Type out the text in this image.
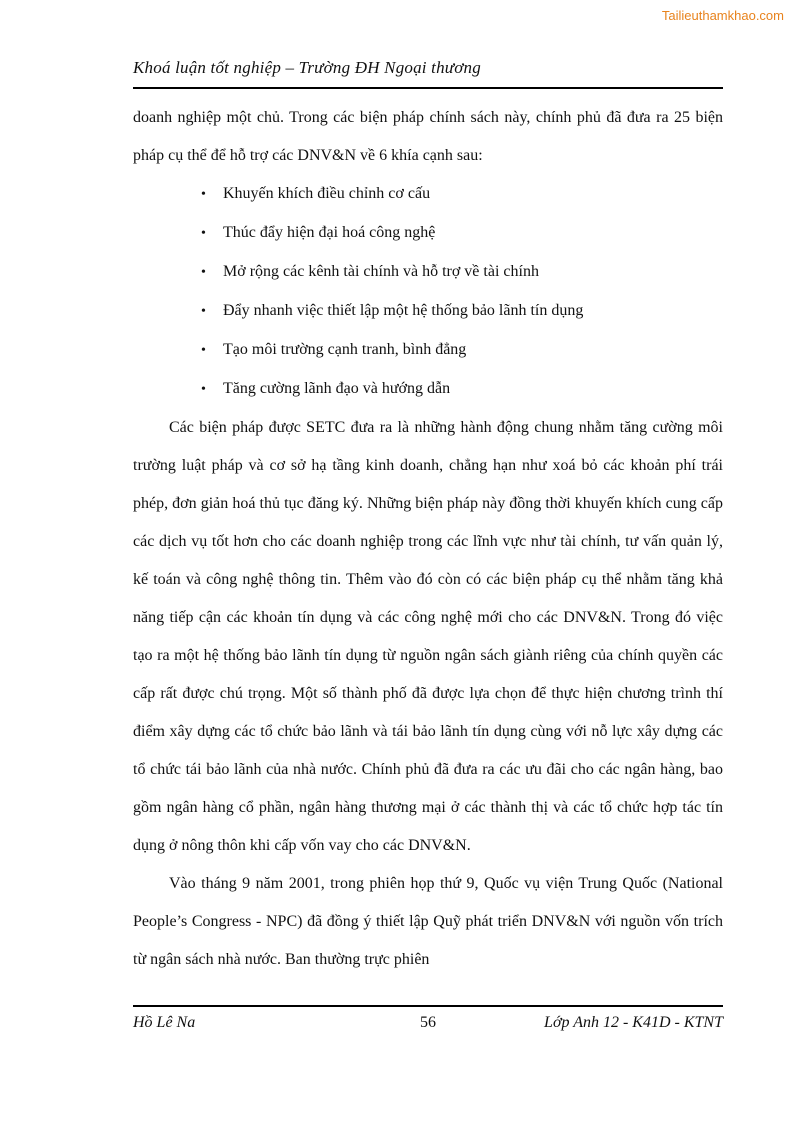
Tailieuthamkhao.com
Khoá luận tốt nghiệp – Trường ĐH Ngoại thương

doanh nghiệp một chủ. Trong các biện pháp chính sách này, chính phủ đã đưa ra 25 biện pháp cụ thể để hỗ trợ các DNV&N về 6 khía cạnh sau:

•	Khuyến khích điều chỉnh cơ cấu
•	Thúc đẩy hiện đại hoá công nghệ
•	Mở rộng các kênh tài chính và hỗ trợ về tài chính
•	Đẩy nhanh việc thiết lập một hệ thống bảo lãnh tín dụng
•	Tạo môi trường cạnh tranh, bình đẳng
•	Tăng cường lãnh đạo và hướng dẫn

Các biện pháp được SETC đưa ra là những hành động chung nhằm tăng cường môi trường luật pháp và cơ sở hạ tầng kinh doanh, chẳng hạn như xoá bỏ các khoản phí trái phép, đơn giản hoá thủ tục đăng ký. Những biện pháp này đồng thời khuyến khích cung cấp các dịch vụ tốt hơn cho các doanh nghiệp trong các lĩnh vực như tài chính, tư vấn quản lý, kế toán và công nghệ thông tin. Thêm vào đó còn có các biện pháp cụ thể nhằm tăng khả năng tiếp cận các khoản tín dụng và các công nghệ mới cho các DNV&N. Trong đó việc tạo ra một hệ thống bảo lãnh tín dụng từ nguồn ngân sách giành riêng của chính quyền các cấp rất được chú trọng. Một số thành phố đã được lựa chọn để thực hiện chương trình thí điểm xây dựng các tổ chức bảo lãnh và tái bảo lãnh tín dụng cùng với nỗ lực xây dựng các tổ chức tái bảo lãnh của nhà nước. Chính phủ đã đưa ra các ưu đãi cho các ngân hàng, bao gồm ngân hàng cổ phần, ngân hàng thương mại ở các thành thị và các tổ chức hợp tác tín dụng ở nông thôn khi cấp vốn vay cho các DNV&N.

Vào tháng 9 năm 2001, trong phiên họp thứ 9, Quốc vụ viện Trung Quốc (National People’s Congress - NPC) đã đồng ý thiết lập Quỹ phát triển DNV&N với nguồn vốn trích từ ngân sách nhà nước. Ban thường trực phiên

Hồ Lê Na	56	Lớp Anh 12 - K41D - KTNT
